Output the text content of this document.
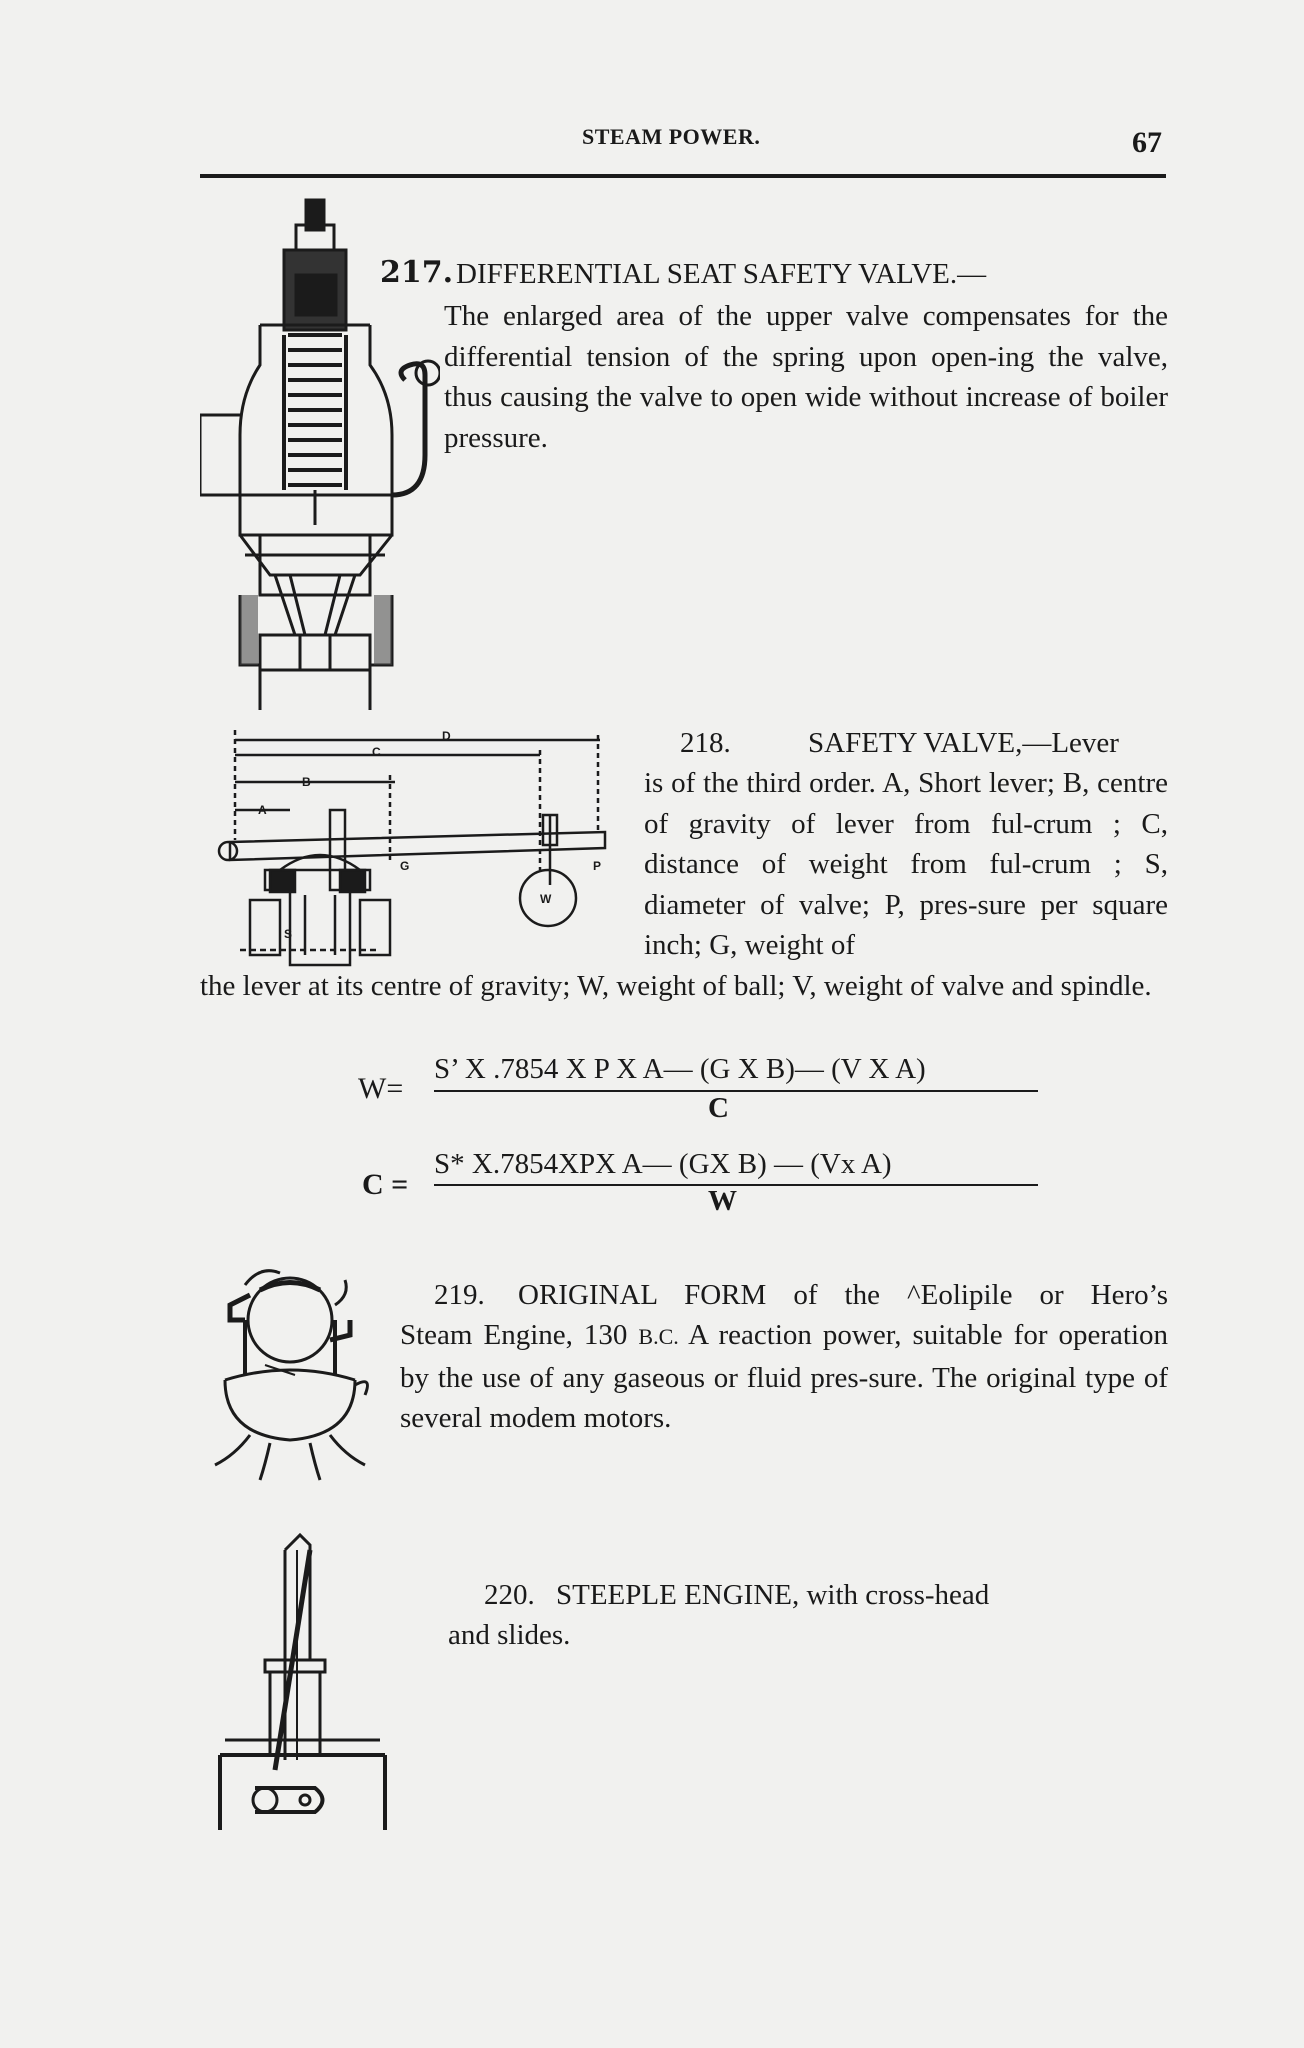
STEAM POWER.	67
217. DIFFERENTIAL SEAT SAFETY VALVE.—
The enlarged area of the upper valve compensates for the differential tension of the spring upon open-ing the valve, thus causing the valve to open wide without increase of boiler pressure.
D
C
B
A
G	P
S
W
218.	SAFETY VALVE,—Lever
is of the third order. A, Short lever; B, centre of gravity of lever from ful-crum ; C, distance of weight from ful-crum ; S, diameter of valve; P, pres-sure per square inch; G, weight of
the lever at its centre of gravity; W, weight of ball; V, weight of valve and spindle.
W=
S’ X .7854 X P X A— (G X B)— (V X A)
C
C =
S* X.7854XPX A— (GX B) — (Vx A)
W
219. ORIGINAL FORM of the ^Eolipile or Hero’s
Steam Engine, 130 B.C. A reaction power, suitable for operation by the use of any gaseous or fluid pres-sure. The original type of several modem motors.
220. STEEPLE ENGINE, with cross-head
and slides.
